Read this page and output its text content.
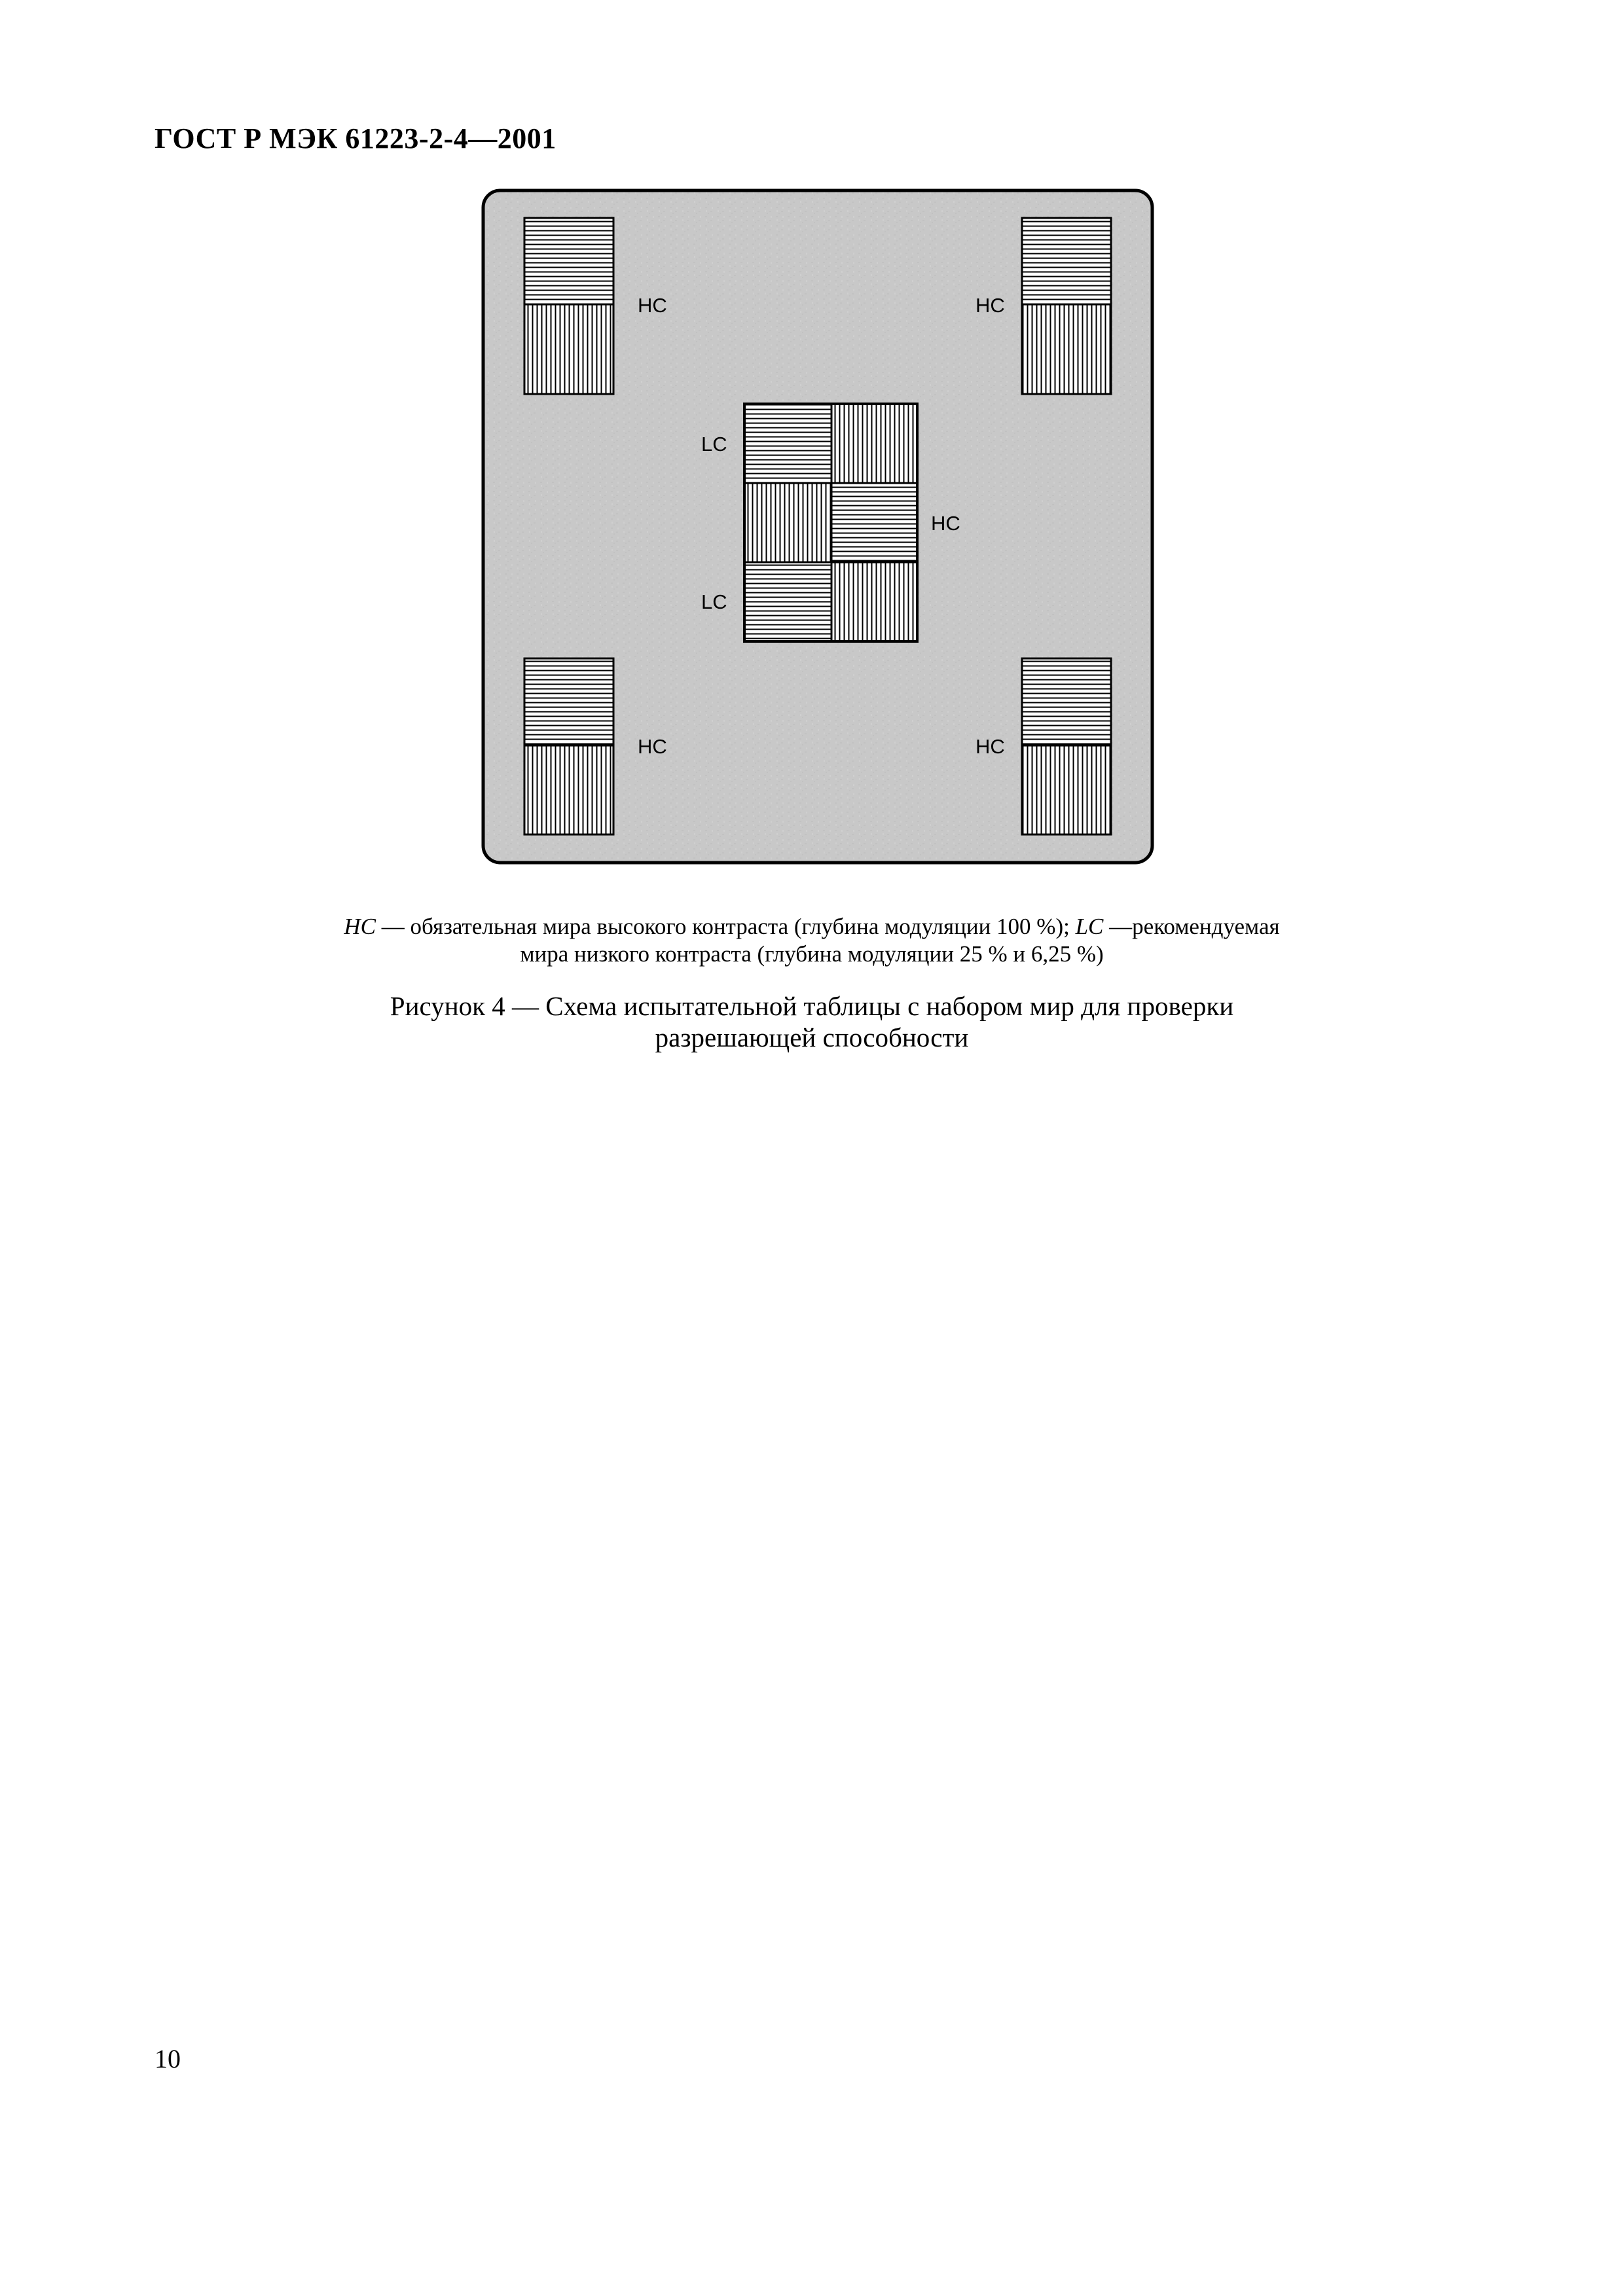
ГОСТ Р МЭК 61223-2-4—2001
HC	HC
LC
HC
LC
HC	HC
HC — обязательная мира высокого контраста (глубина модуляции 100 %); LC —рекомендуемая
мира низкого контраста (глубина модуляции 25 % и 6,25 %)
Рисунок 4 — Схема испытательной таблицы с набором мир для проверки
разрешающей способности
10
